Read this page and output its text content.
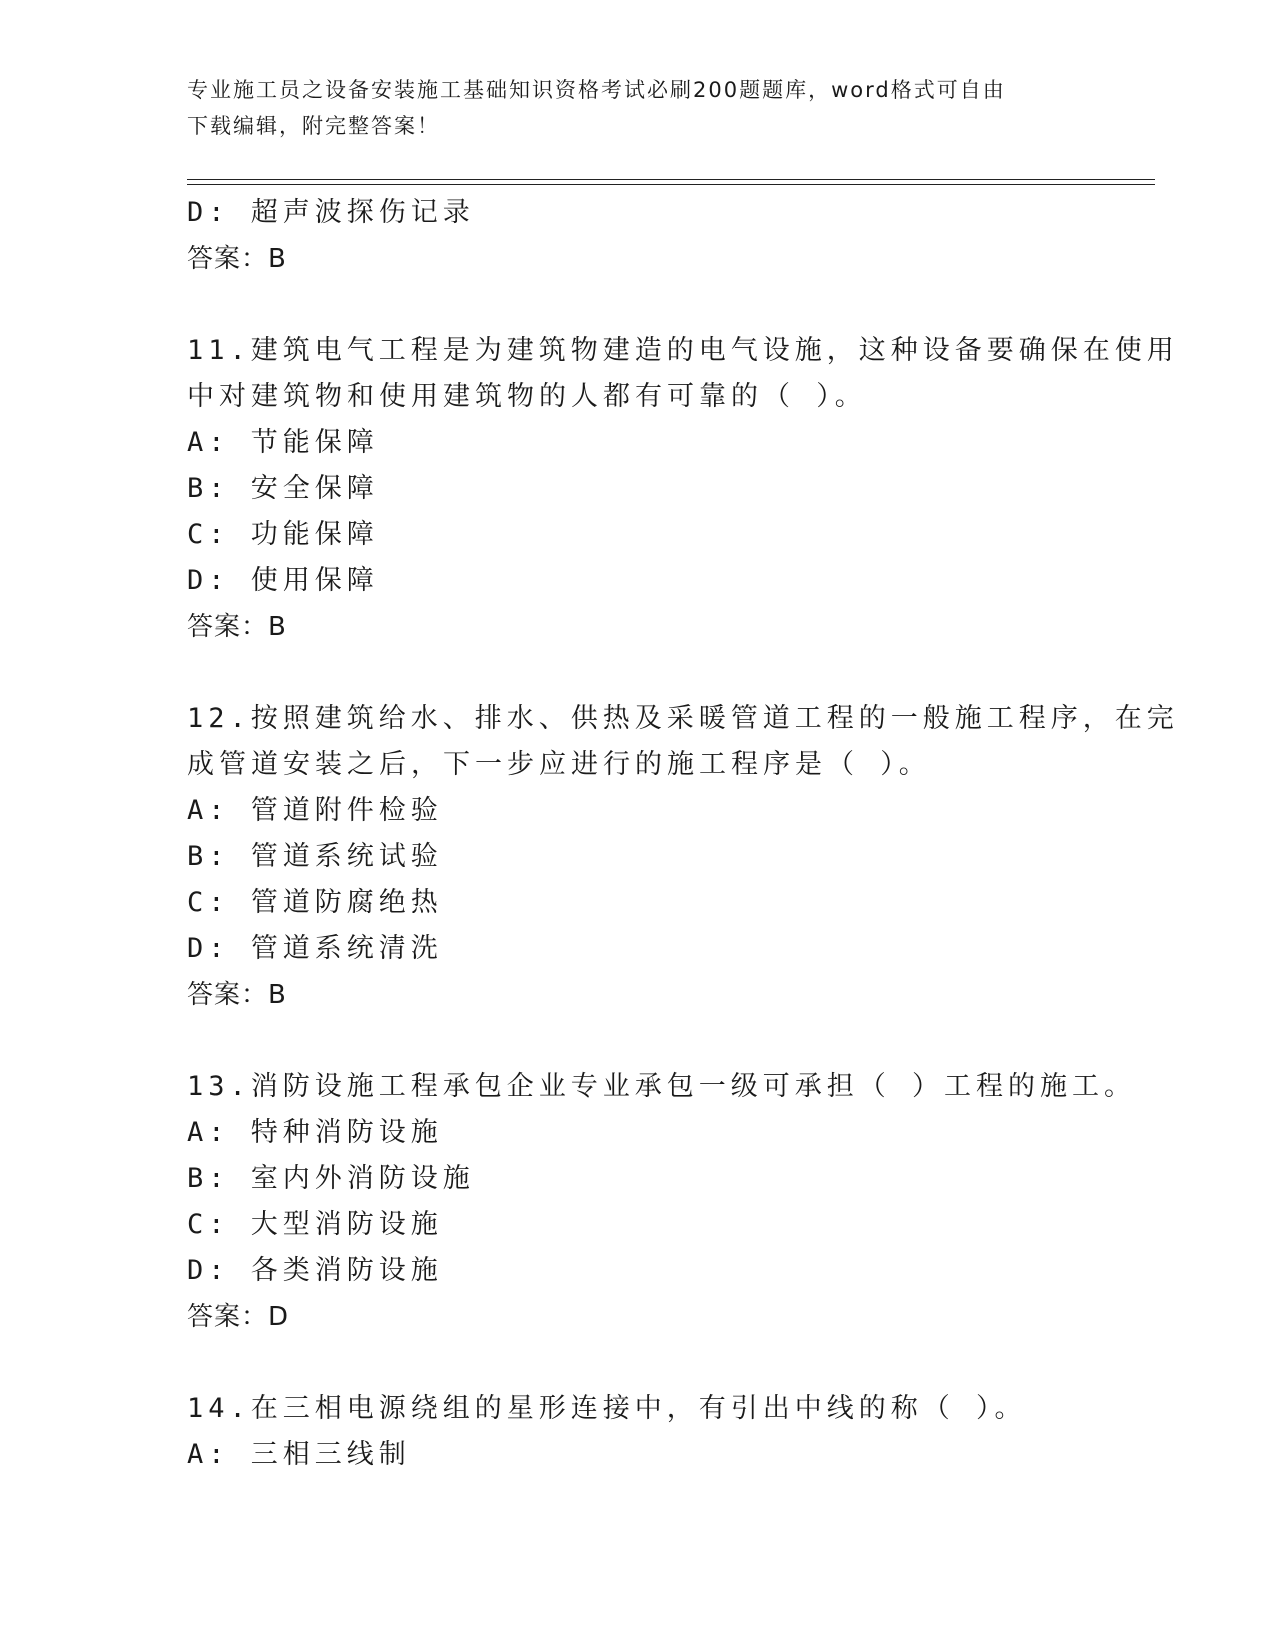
专业施工员之设备安装施工基础知识资格考试必刷200题题库，word格式可自由
下载编辑，附完整答案！
D: 超声波探伤记录
答案：B
11.建筑电气工程是为建筑物建造的电气设施，这种设备要确保在使用
中对建筑物和使用建筑物的人都有可靠的（ ）。
A: 节能保障
B: 安全保障
C: 功能保障
D: 使用保障
答案：B
12.按照建筑给水、排水、供热及采暖管道工程的一般施工程序，在完
成管道安装之后，下一步应进行的施工程序是（ ）。
A: 管道附件检验
B: 管道系统试验
C: 管道防腐绝热
D: 管道系统清洗
答案：B
13.消防设施工程承包企业专业承包一级可承担（ ）工程的施工。
A: 特种消防设施
B: 室内外消防设施
C: 大型消防设施
D: 各类消防设施
答案：D
14.在三相电源绕组的星形连接中，有引出中线的称（ ）。
A: 三相三线制
